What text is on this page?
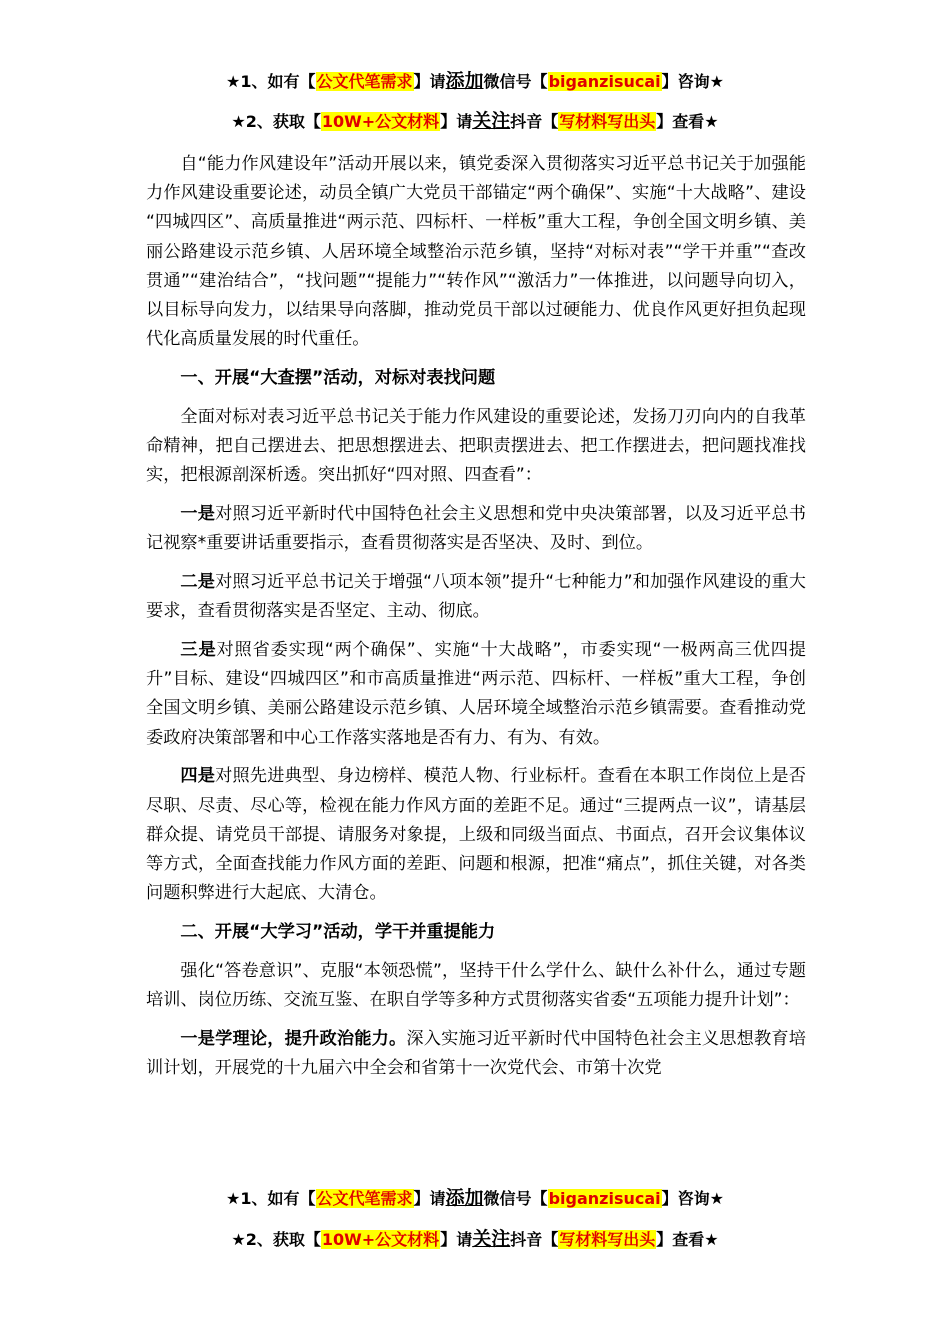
★1、如有【公文代笔需求】请添加微信号【biganzisucai】咨询★
★2、获取【10W+公文材料】请关注抖音【写材料写出头】查看★

自“能力作风建设年”活动开展以来，镇党委深入贯彻落实习近平总书记关于加强能力作风建设重要论述，动员全镇广大党员干部锚定“两个确保”、实施“十大战略”、建设 “四城四区”、高质量推进“两示范、四标杆、一样板”重大工程，争创全国文明乡镇、美丽公路建设示范乡镇、人居环境全域整治示范乡镇，坚持“对标对表”“学干并重”“查改贯通”“建治结合”，“找问题”“提能力”“转作风”“激活力”一体推进，以问题导向切入，以目标导向发力，以结果导向落脚，推动党员干部以过硬能力、优良作风更好担负起现代化高质量发展的时代重任。

一、开展“大查摆”活动，对标对表找问题

全面对标对表习近平总书记关于能力作风建设的重要论述，发扬刀刃向内的自我革命精神，把自己摆进去、把思想摆进去、把职责摆进去、把工作摆进去，把问题找准找实，把根源剖深析透。突出抓好“四对照、四查看”：

一是对照习近平新时代中国特色社会主义思想和党中央决策部署，以及习近平总书记视察*重要讲话重要指示，查看贯彻落实是否坚决、及时、到位。

二是对照习近平总书记关于增强“八项本领”提升“七种能力”和加强作风建设的重大要求，查看贯彻落实是否坚定、主动、彻底。

三是对照省委实现“两个确保”、实施“十大战略”，市委实现“一极两高三优四提升”目标、建设“四城四区”和市高质量推进“两示范、四标杆、一样板”重大工程，争创全国文明乡镇、美丽公路建设示范乡镇、人居环境全域整治示范乡镇需要。查看推动党委政府决策部署和中心工作落实落地是否有力、有为、有效。

四是对照先进典型、身边榜样、模范人物、行业标杆。查看在本职工作岗位上是否尽职、尽责、尽心等，检视在能力作风方面的差距不足。通过“三提两点一议”，请基层群众提、请党员干部提、请服务对象提，上级和同级当面点、书面点，召开会议集体议等方式，全面查找能力作风方面的差距、问题和根源，把准“痛点”，抓住关键，对各类问题积弊进行大起底、大清仓。

二、开展“大学习”活动，学干并重提能力

强化“答卷意识”、克服“本领恐慌”，坚持干什么学什么、缺什么补什么，通过专题培训、岗位历练、交流互鉴、在职自学等多种方式贯彻落实省委“五项能力提升计划”：

一是学理论，提升政治能力。深入实施习近平新时代中国特色社会主义思想教育培训计划，开展党的十九届六中全会和省第十一次党代会、市第十次党

★1、如有【公文代笔需求】请添加微信号【biganzisucai】咨询★
★2、获取【10W+公文材料】请关注抖音【写材料写出头】查看★
